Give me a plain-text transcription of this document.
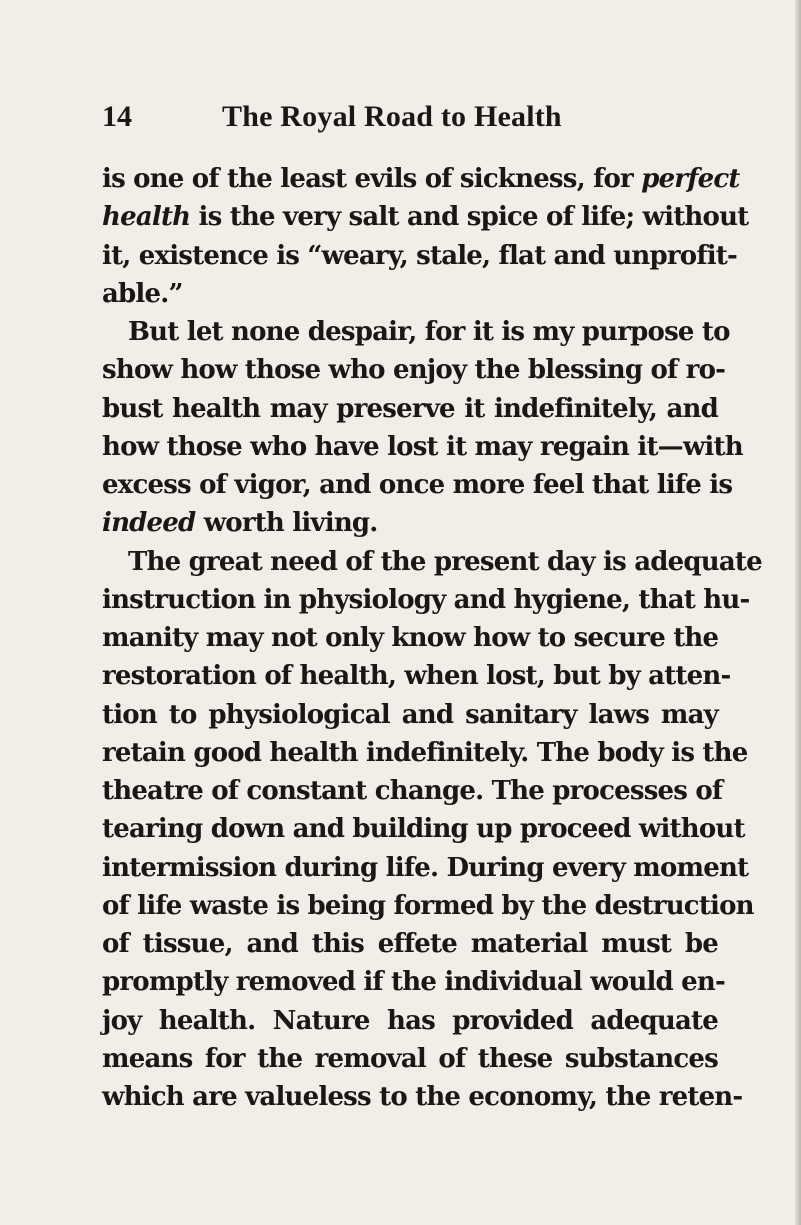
14	The Royal Road to Health
is one of the least evils of sickness, for perfect
health is the very salt and spice of life; without
it, existence is “weary, stale, flat and unprofit-
able.”
But let none despair, for it is my purpose to
show how those who enjoy the blessing of ro-
bust health may preserve it indefinitely, and
how those who have lost it may regain it—with
excess of vigor, and once more feel that life is
indeed worth living.
The great need of the present day is adequate
instruction in physiology and hygiene, that hu-
manity may not only know how to secure the
restoration of health, when lost, but by atten-
tion to physiological and sanitary laws may
retain good health indefinitely. The body is the
theatre of constant change. The processes of
tearing down and building up proceed without
intermission during life. During every moment
of life waste is being formed by the destruction
of tissue, and this effete material must be
promptly removed if the individual would en-
joy health. Nature has provided adequate
means for the removal of these substances
which are valueless to the economy, the reten-
